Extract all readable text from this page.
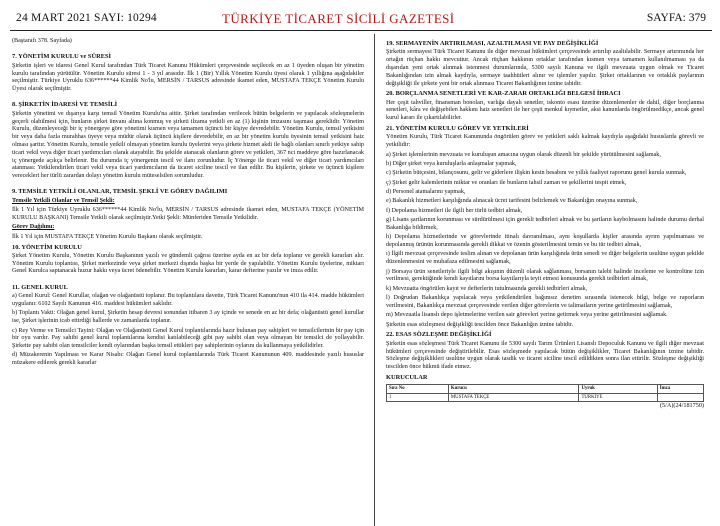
24 MART 2021 SAYI: 10294	TÜRKİYE TİCARET SİCİLİ GAZETESİ	SAYFA: 379

(Baştarafı 378. Sayfada)

7. YÖNETİM KURULU ve SÜRESİ

Şirketin işleri ve idaresi Genel Kurul tarafından Türk Ticaret Kanunu Hükümleri çerçevesinde seçilecek en az 1 üyeden oluşan bir yönetim kurulu tarafından yürütülür. Yönetim Kurulu süresi 1 - 3 yıl arasıdır. İlk 1 (Bir) Yıllık Yönetim Kurulu üyesi olarak 1 yıllığına aşağıdakiler seçilmiştir. Türkiye Uyruklu 636******44 Kimlik No'lu, MERSİN / TARSUS adresinde ikamet eden, MUSTAFA TEKÇE Yönetim Kurulu Üyesi olarak seçilmiştir.

8. ŞİRKETİN İDARESİ VE TEMSİLİ

Şirketin yönetimi ve dışarıya karşı temsil Yönetim Kurulu'na aittir. Şirket tarafından verilecek bütün belgelerin ve yapılacak sözleşmelerin geçerli olabilmesi için, bunların şirket ünvanı altına konmuş ve şirketi ilzama yetkili en az (1) kişinin imzasını taşıması gereklidir. Yönetim Kurulu, düzenleyeceği bir iç yönergeye göre yönetimi kısmen veya tamamen üçüncü bir kişiye devredebilir. Yönetim Kurulu, temsil yetkisini bir veya daha fazla murahhas üyeye veya müdür olarak üçüncü kişilere devredebilir, en az bir yönetim kurulu üyesinin temsil yetkisini haiz olması şarttır. Yönetim Kurulu, temsile yetkili olmayan yönetim kurulu üyelerini veya şirkete hizmet akdi ile bağlı olanları sınırlı yetkiye sahip ticari vekil veya diğer ticari yardımcıları olarak atayabilir. Bu şekilde atanacak olanların görev ve yetkileri, 367 nci maddeye göre hazırlanacak iç yönergede açıkça belirlenir. Bu durumda iç yönergenin tescil ve ilanı zorunludur. İç Yönerge ile ticari vekil ve diğer ticari yardımcıları atanması: Yetkilendirilen ticari vekil veya ticari yardımcıların da ticaret siciline tescil ve ilan edilir. Bu kişilerin, şirkete ve üçüncü kişilere verecekleri her türlü zarardan dolayı yönetim kurulu müteselsilen sorumludur.

9. TEMSİLE YETKİLİ OLANLAR, TEMSİL ŞEKLİ VE GÖREV DAĞILIMI

Temsile Yetkili Olanlar ve Temsil Şekli:

İlk 1 Yıl için Türkiye Uyruklu 636******44 Kimlik No'lu, MERSİN / TARSUS adresinde ikamet eden, MUSTAFA TEKÇE (YÖNETİM KURULU BAŞKANI) Temsile Yetkili olarak seçilmiştir.Yetki Şekli: Münferiden Temsile Yetkilidir.

Görev Dağılımı:

İlk 1 Yıl için MUSTAFA TEKÇE Yönetim Kurulu Başkanı olarak seçilmiştir.

10. YÖNETİM KURULU

Şirket Yönetim Kurulu, Yönetim Kurulu Başkanının yazılı ve gündemli çağrısı üzerine ayda en az bir defa toplanır ve gerekli kararları alır. Yönetim Kurulu toplantısı, Şirket merkezinde veya şirket merkezi dışında başka bir yerde de yapılabilir. Yönetim Kurulu üyelerine, miktarı Genel Kurulca saptanacak huzur hakkı veya ücret ödenebilir. Yönetim Kurulu kararları, karar defterine yazılır ve imza edilir.

11. GENEL KURUL

a) Genel Kurul: Genel Kurullar, olağan ve olağanüstü toplanır. Bu toplantılara davette, Türk Ticaret Kanunu'nun 410 ila 414. madde hükümleri uygulanır. 6102 Sayılı Kanunun 416. maddesi hükümleri saklıdır.

b) Toplantı Vakti: Olağan genel kurul, Şirketin hesap devresi sonundan itibaren 3 ay içinde ve senede en az bir defa; olağanüstü genel kurullar ise, Şirket işlerinin icab ettirdiği hallerde ve zamanlarda toplanır.

c) Rey Verme ve Temsilci Tayini: Olağan ve Olağanüstü Genel Kurul toplantılarında hazır bulunan pay sahipleri ve temsilcilerinin bir pay için bir oyu vardır. Pay sahibi genel kurul toplantılarına kendisi katılabileceği gibi pay sahibi olan veya olmayan bir temsilci de yollayabilir. Şirkette pay sahibi olan temsilciler kendi oylarından başka temsil ettikleri pay sahiplerinin oylarını da kullanmaya yetkilidirler.

d) Müzakerenin Yapılması ve Karar Nisabı: Olağan Genel kurul toplantılarında Türk Ticaret Kanununun 409. maddesinde yazılı hususlar müzakere edilerek gerekli kararlar

19. SERMAYENİN ARTIRILMASI, AZALTILMASI VE PAY DEĞİŞİKLİĞİ

Şirketin sermayesi Türk Ticaret Kanunu ile diğer mevzuat hükümleri çerçevesinde artırılıp azaltılabilir. Sermaye artırımında her ortağın rüçhan hakkı mevcuttur. Ancak rüçhan hakkının ortaklar tarafından kısmen veya tamamen kullanılmaması ya da dışarıdan yeni ortak alınmak istenmesi durumlarında, 5300 sayılı Kanuna ve ilgili mevzuata uygun olmak ve Ticaret Bakanlığından izin almak kaydıyla, sermaye taahhütleri alınır ve işlemler yapılır. Şirket ortaklarının ve ortaklık paylarının değişikliği ile şirkete yeni bir ortak alınması Ticaret Bakanlığının iznine tabidir.

20. BORÇLANMA SENETLERİ VE KAR-ZARAR ORTAKLIĞI BELGESİ İHRACI

Her çeşit tahviller, finansman bonoları, varlığa dayalı senetler, iskonto esası üzerine düzenlenenler de dahil, diğer borçlanma senetleri, kâra ve değişebilen hakkını haiz senetleri ile her çeşit menkul kıymetler, aksi kanunlarda öngörülmedikçe, ancak genel kurul kararı ile çıkartılabilirler.

21. YÖNETİM KURULU GÖREV VE YETKİLERİ

Yönetim Kurulu, Türk Ticaret Kanununda öngörülen görev ve yetkileri saklı kalmak kaydıyla aşağıdaki hususlarda görevli ve yetkilidir:

a) Şirket işlemlerinin mevzuata ve kuruluşun amacına uygun olarak düzenli bir şekilde yürütülmesini sağlamak,

b) Diğer şirket veya kuruluşlarla anlaşmalar yapmak,

c) Şirketin bütçesini, bilançosunu, gelir ve giderlere ilişkin kesin hesabını ve yıllık faaliyet raporunu genel kurula sunmak,

ç) Şirket gelir kalemlerinin miktar ve oranları ile bunların tahsil zaman ve şekillerini tespit etmek,

d) Personel atamalarını yapmak,

e) Bakanlık hizmetleri karşılığında alınacak ücret tarifesini belirlemek ve Bakanlığın onayına sunmak,

f) Depolama hizmetleri ile ilgili her türlü tedbiri almak,

g) Lisans şartlarının korunması ve sürdürülmesi için gerekli tedbirleri almak ve bu şartların kaybolmasını halinde durumu derhal Bakanlığa bildirmek,

h) Depolama hizmetlerinde ve görevlerinde itinalı davranılması, aynı koşullarda kişiler arasında ayrım yapılmaması ve depolanmış ürünün korunmasında gerekli dikkat ve özenin gösterilmesini temin ve bu tür tedbiri almak,

ı) İlgili mevzuat çerçevesinde teslim alınan ve depolanan ürün karşılığında ürün senedi ve diğer belgelerin usulüne uygun şekilde düzenlenmesini ve muhafaza edilmesini sağlamak,

j) Borsaya ürün senetleriyle ilgili bilgi akışının düzenli olarak sağlanması, borsanın talebi halinde inceleme ve kontrolüne izin verilmesi, gerektiğinde kendi kayıtlarını borsa kayıtlarıyla teyit etmesi konusunda gerekli tedbirleri almak,

k) Mevzuatta öngörülen kayıt ve defterlerin tutulmasında gerekli tedbirleri almak,

l) Doğrudan Bakanlıkça yapılacak veya yetkilendirilen bağımsız denetim sırasında istenecek bilgi, belge ve raporların verilmesini, Bakanlıkça mevzuat çerçevesinde verilen diğer görevlerin ve talimatların yerine getirilmesini sağlamak,

m) Mevzuatla lisanslı depo işletmelerine verilen sair görevleri yerine getirmek veya yerine getirilmesini sağlamak.

Şirketin esas sözleşmesi değişikliği tescilden önce Bakanlığın iznine tabidir.

22. ESAS SÖZLEŞME DEĞİŞİKLİĞİ

Şirketin esas sözleşmesi Türk Ticaret Kanunu ile 5300 sayılı Tarım Ürünleri Lisanslı Depoculuk Kanunu ve ilgili diğer mevzuat hükümleri çerçevesinde değiştirilebilir. Esas sözleşmede yapılacak bütün değişiklikler, Ticaret Bakanlığının iznine tabidir. Sözleşme değişiklikleri usulüne uygun olarak tasdik ve ticaret siciline tescil edildikten sonra ilan ettirilir. Sözleşme değişikliği tescilden önce hükmü ifade etmez.

KURUCULAR

Sıra No	Kurucu	Uyruk	İmza
1	MUSTAFA TEKÇE	TÜRKİYE	

(5/A)(24/181750)
